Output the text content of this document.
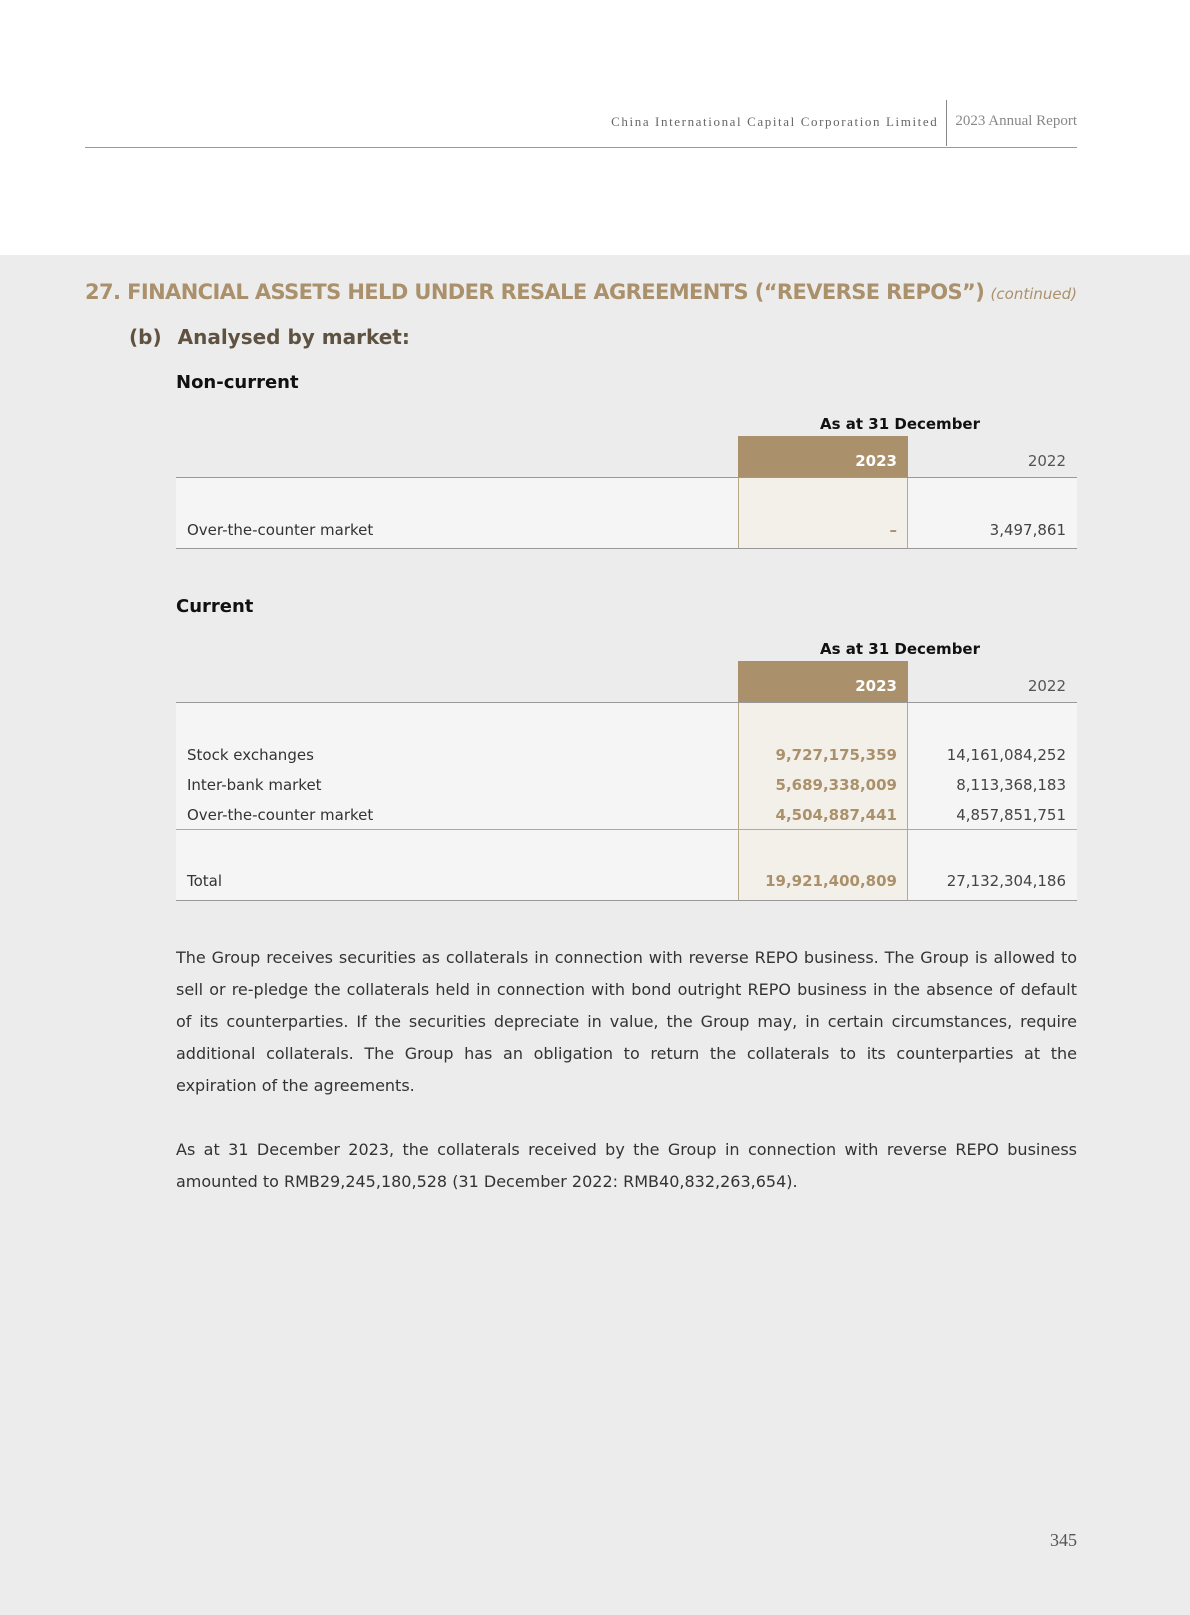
China International Capital Corporation Limited	2023 Annual Report
27. FINANCIAL ASSETS HELD UNDER RESALE AGREEMENTS (“REVERSE REPOS”) (continued)
(b) Analysed by market:
Non-current
As at 31 December
2023	2022
Over-the-counter market	–	3,497,861
Current
As at 31 December
2023	2022
Stock exchanges	9,727,175,359	14,161,084,252
Inter-bank market	5,689,338,009	8,113,368,183
Over-the-counter market	4,504,887,441	4,857,851,751
Total	19,921,400,809	27,132,304,186

The Group receives securities as collaterals in connection with reverse REPO business. The Group is allowed to sell or re-pledge the collaterals held in connection with bond outright REPO business in the absence of default of its counterparties. If the securities depreciate in value, the Group may, in certain circumstances, require additional collaterals. The Group has an obligation to return the collaterals to its counterparties at the expiration of the agreements.

As at 31 December 2023, the collaterals received by the Group in connection with reverse REPO business amounted to RMB29,245,180,528 (31 December 2022: RMB40,832,263,654).

345
